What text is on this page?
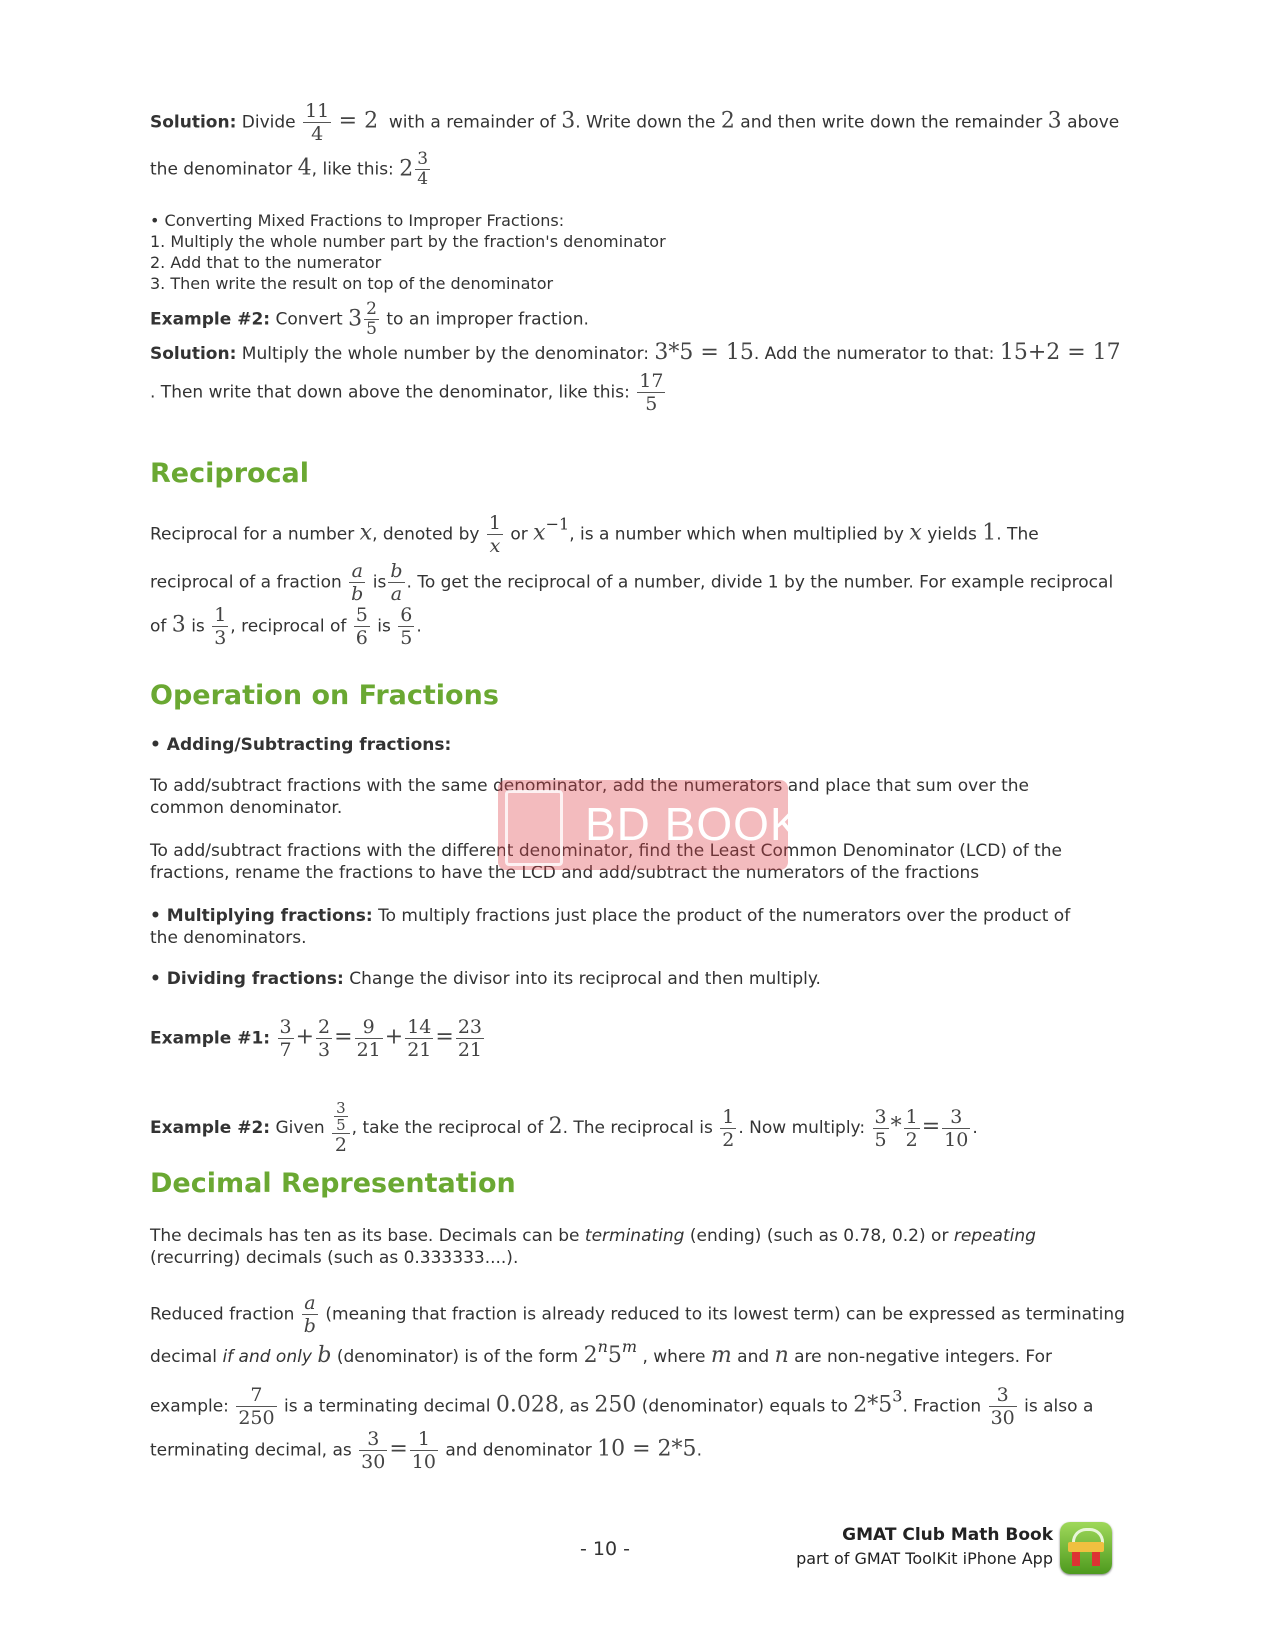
Solution: Divide $\frac{11}{4} = 2$ with a remainder of 3. Write down the 2 and then write down the remainder 3 above
the denominator 4, like this: $2 \frac{3}{4}$
• Converting Mixed Fractions to Improper Fractions:
1. Multiply the whole number part by the fraction's denominator
2. Add that to the numerator
3. Then write the result on top of the denominator
Example #2: Convert $3 \frac{2}{5}$ to an improper fraction.
Solution: Multiply the whole number by the denominator: 3*5 = 15. Add the numerator to that: 15+2 = 17
. Then write that down above the denominator, like this: $\frac{17}{5}$
Reciprocal
Reciprocal for a number x, denoted by $\frac{1}{x}$ or x−1, is a number which when multiplied by x yields 1. The
reciprocal of a fraction $\frac{a}{b}$ is $\frac{b}{a}$ . To get the reciprocal of a number, divide 1 by the number. For example reciprocal
of 3 is $\frac{1}{3}$ , reciprocal of $\frac{5}{6}$ is $\frac{6}{5}$ .
Operation on Fractions
• Adding/Subtracting fractions:
To add/subtract fractions with the same denominator, add the numerators and place that sum over the common denominator.
To add/subtract fractions with the different denominator, find the Least Common Denominator (LCD) of the fractions, rename the fractions to have the LCD and add/subtract the numerators of the fractions
• Multiplying fractions: To multiply fractions just place the product of the numerators over the product of the denominators.
• Dividing fractions: Change the divisor into its reciprocal and then multiply.
Example #1: $\frac{3}{7} + \frac{2}{3} = \frac{9}{21} + \frac{14}{21} = \frac{23}{21}$
Example #2: Given $\frac{\frac{3}{5}}{2}$ , take the reciprocal of 2. The reciprocal is $\frac{1}{2}$ . Now multiply: $\frac{3}{5} * \frac{1}{2} = \frac{3}{10}$ .
Decimal Representation
The decimals has ten as its base. Decimals can be terminating (ending) (such as 0.78, 0.2) or repeating (recurring) decimals (such as 0.333333....).
Reduced fraction $\frac{a}{b}$ (meaning that fraction is already reduced to its lowest term) can be expressed as terminating
decimal if and only b (denominator) is of the form 2n5m , where m and n are non-negative integers. For
example: $\frac{7}{250}$ is a terminating decimal 0.028, as 250 (denominator) equals to 2*53. Fraction $\frac{3}{30}$ is also a
terminating decimal, as $\frac{3}{30} = \frac{1}{10}$ and denominator 10 = 2*5.
BD BOOKS
- 10 -
GMAT Club Math Book
part of GMAT ToolKit iPhone App
